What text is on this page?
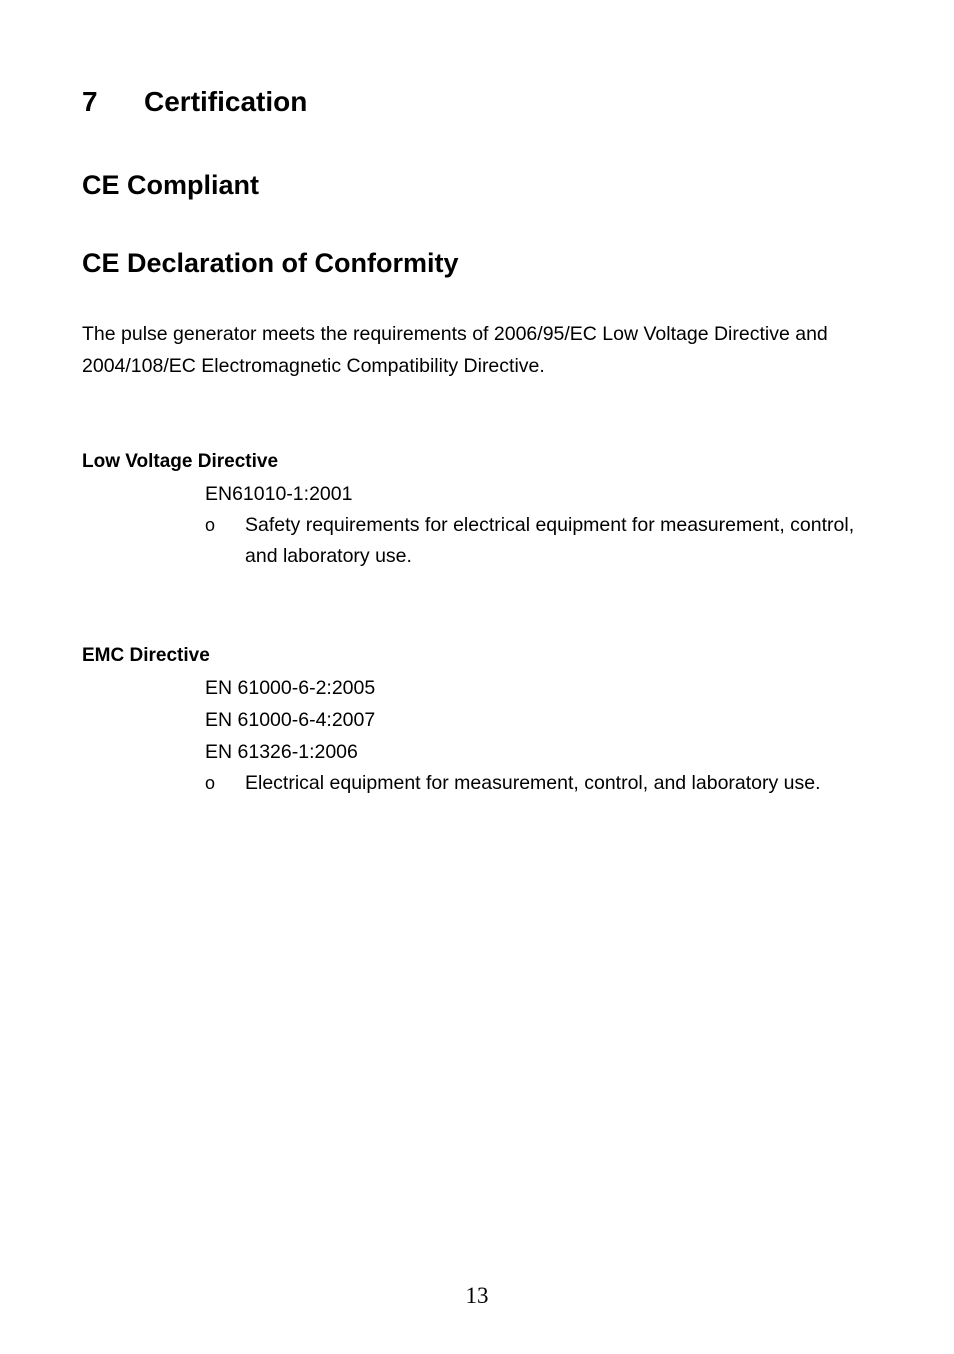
7 Certification
CE Compliant
CE Declaration of Conformity
The pulse generator meets the requirements of 2006/95/EC Low Voltage Directive and 2004/108/EC Electromagnetic Compatibility Directive.
Low Voltage Directive
EN61010-1:2001
o	Safety requirements for electrical equipment for measurement, control, and laboratory use.
EMC Directive
EN 61000-6-2:2005
EN 61000-6-4:2007
EN 61326-1:2006
o	Electrical equipment for measurement, control, and laboratory use.
13
